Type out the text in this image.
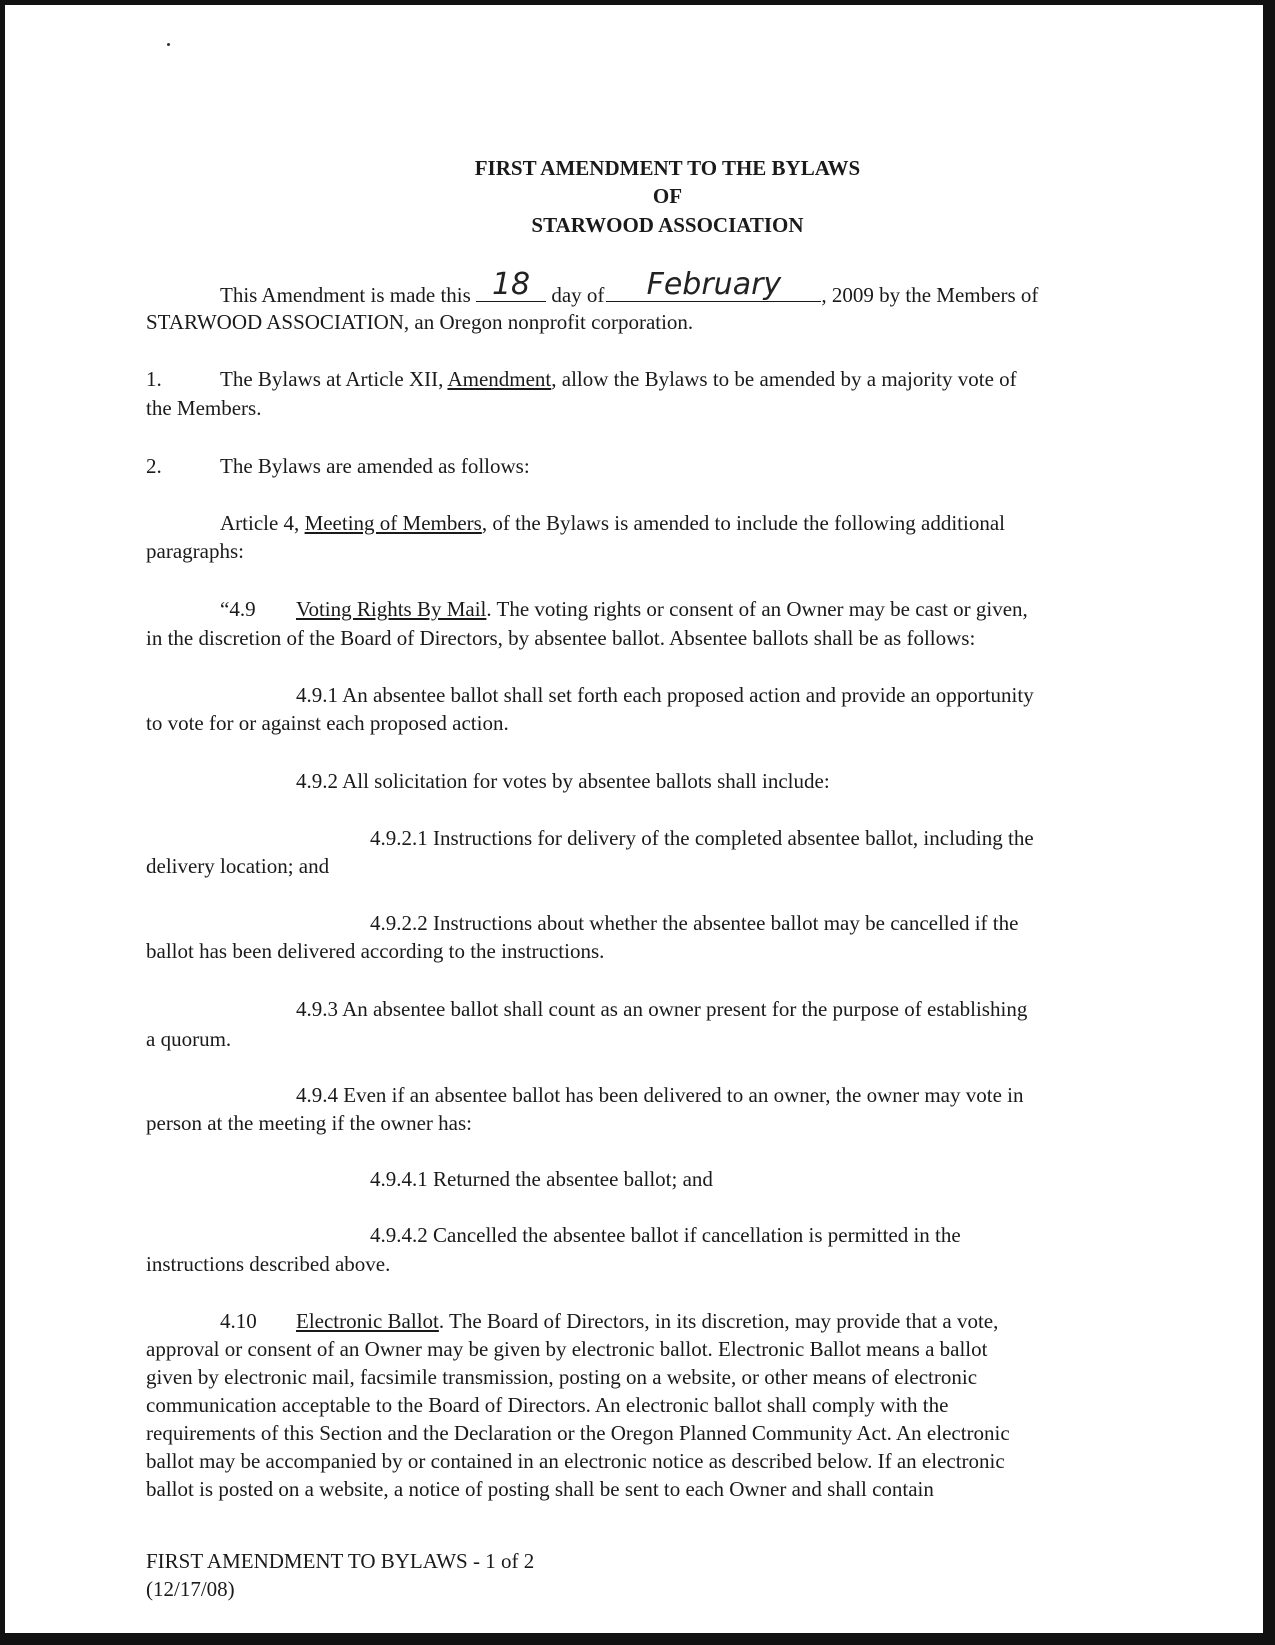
FIRST AMENDMENT TO THE BYLAWS
OF
STARWOOD ASSOCIATION
This Amendment is made this 18	day of	February	, 2009 by the Members of
STARWOOD ASSOCIATION, an Oregon nonprofit corporation.
1.	The Bylaws at Article XII, Amendment, allow the Bylaws to be amended by a majority vote of
the Members.
2.	The Bylaws are amended as follows:
Article 4, Meeting of Members, of the Bylaws is amended to include the following additional
paragraphs:
“4.9 Voting Rights By Mail. The voting rights or consent of an Owner may be cast or given,
in the discretion of the Board of Directors, by absentee ballot. Absentee ballots shall be as follows:
4.9.1 An absentee ballot shall set forth each proposed action and provide an opportunity
to vote for or against each proposed action.
4.9.2 All solicitation for votes by absentee ballots shall include:
4.9.2.1 Instructions for delivery of the completed absentee ballot, including the
delivery location; and
4.9.2.2 Instructions about whether the absentee ballot may be cancelled if the
ballot has been delivered according to the instructions.
4.9.3 An absentee ballot shall count as an owner present for the purpose of establishing
a quorum.
4.9.4 Even if an absentee ballot has been delivered to an owner, the owner may vote in
person at the meeting if the owner has:
4.9.4.1 Returned the absentee ballot; and
4.9.4.2 Cancelled the absentee ballot if cancellation is permitted in the
instructions described above.
4.10 Electronic Ballot. The Board of Directors, in its discretion, may provide that a vote,
approval or consent of an Owner may be given by electronic ballot. Electronic Ballot means a ballot
given by electronic mail, facsimile transmission, posting on a website, or other means of electronic
communication acceptable to the Board of Directors. An electronic ballot shall comply with the
requirements of this Section and the Declaration or the Oregon Planned Community Act. An electronic
ballot may be accompanied by or contained in an electronic notice as described below. If an electronic
ballot is posted on a website, a notice of posting shall be sent to each Owner and shall contain
FIRST AMENDMENT TO BYLAWS - 1 of 2
(12/17/08)
